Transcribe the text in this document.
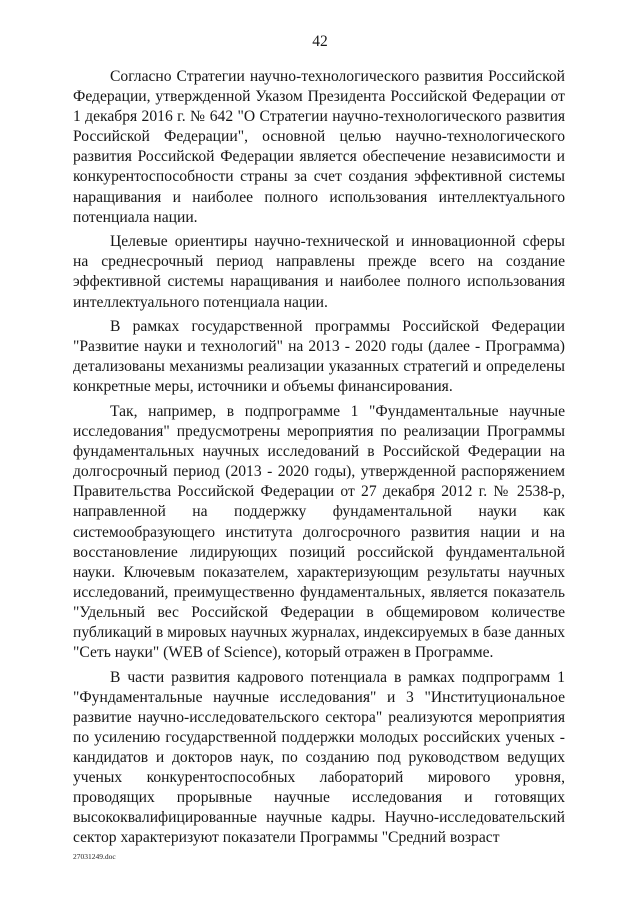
42

Согласно Стратегии научно-технологического развития Российской Федерации, утвержденной Указом Президента Российской Федерации от 1 декабря 2016 г. № 642 "О Стратегии научно-технологического развития Российской Федерации", основной целью научно-технологического развития Российской Федерации является обеспечение независимости и конкурентоспособности страны за счет создания эффективной системы наращивания и наиболее полного использования интеллектуального потенциала нации.

Целевые ориентиры научно-технической и инновационной сферы на среднесрочный период направлены прежде всего на создание эффективной системы наращивания и наиболее полного использования интеллектуального потенциала нации.

В рамках государственной программы Российской Федерации "Развитие науки и технологий" на 2013 - 2020 годы (далее - Программа) детализованы механизмы реализации указанных стратегий и определены конкретные меры, источники и объемы финансирования.

Так, например, в подпрограмме 1 "Фундаментальные научные исследования" предусмотрены мероприятия по реализации Программы фундаментальных научных исследований в Российской Федерации на долгосрочный период (2013 - 2020 годы), утвержденной распоряжением Правительства Российской Федерации от 27 декабря 2012 г. № 2538-р, направленной на поддержку фундаментальной науки как системообразующего института долгосрочного развития нации и на восстановление лидирующих позиций российской фундаментальной науки. Ключевым показателем, характеризующим результаты научных исследований, преимущественно фундаментальных, является показатель "Удельный вес Российской Федерации в общемировом количестве публикаций в мировых научных журналах, индексируемых в базе данных "Сеть науки" (WEB of Science), который отражен в Программе.

В части развития кадрового потенциала в рамках подпрограмм 1 "Фундаментальные научные исследования" и 3 "Институциональное развитие научно-исследовательского сектора" реализуются мероприятия по усилению государственной поддержки молодых российских ученых - кандидатов и докторов наук, по созданию под руководством ведущих ученых конкурентоспособных лабораторий мирового уровня, проводящих прорывные научные исследования и готовящих высококвалифицированные научные кадры. Научно-исследовательский сектор характеризуют показатели Программы "Средний возраст

27031249.doc
